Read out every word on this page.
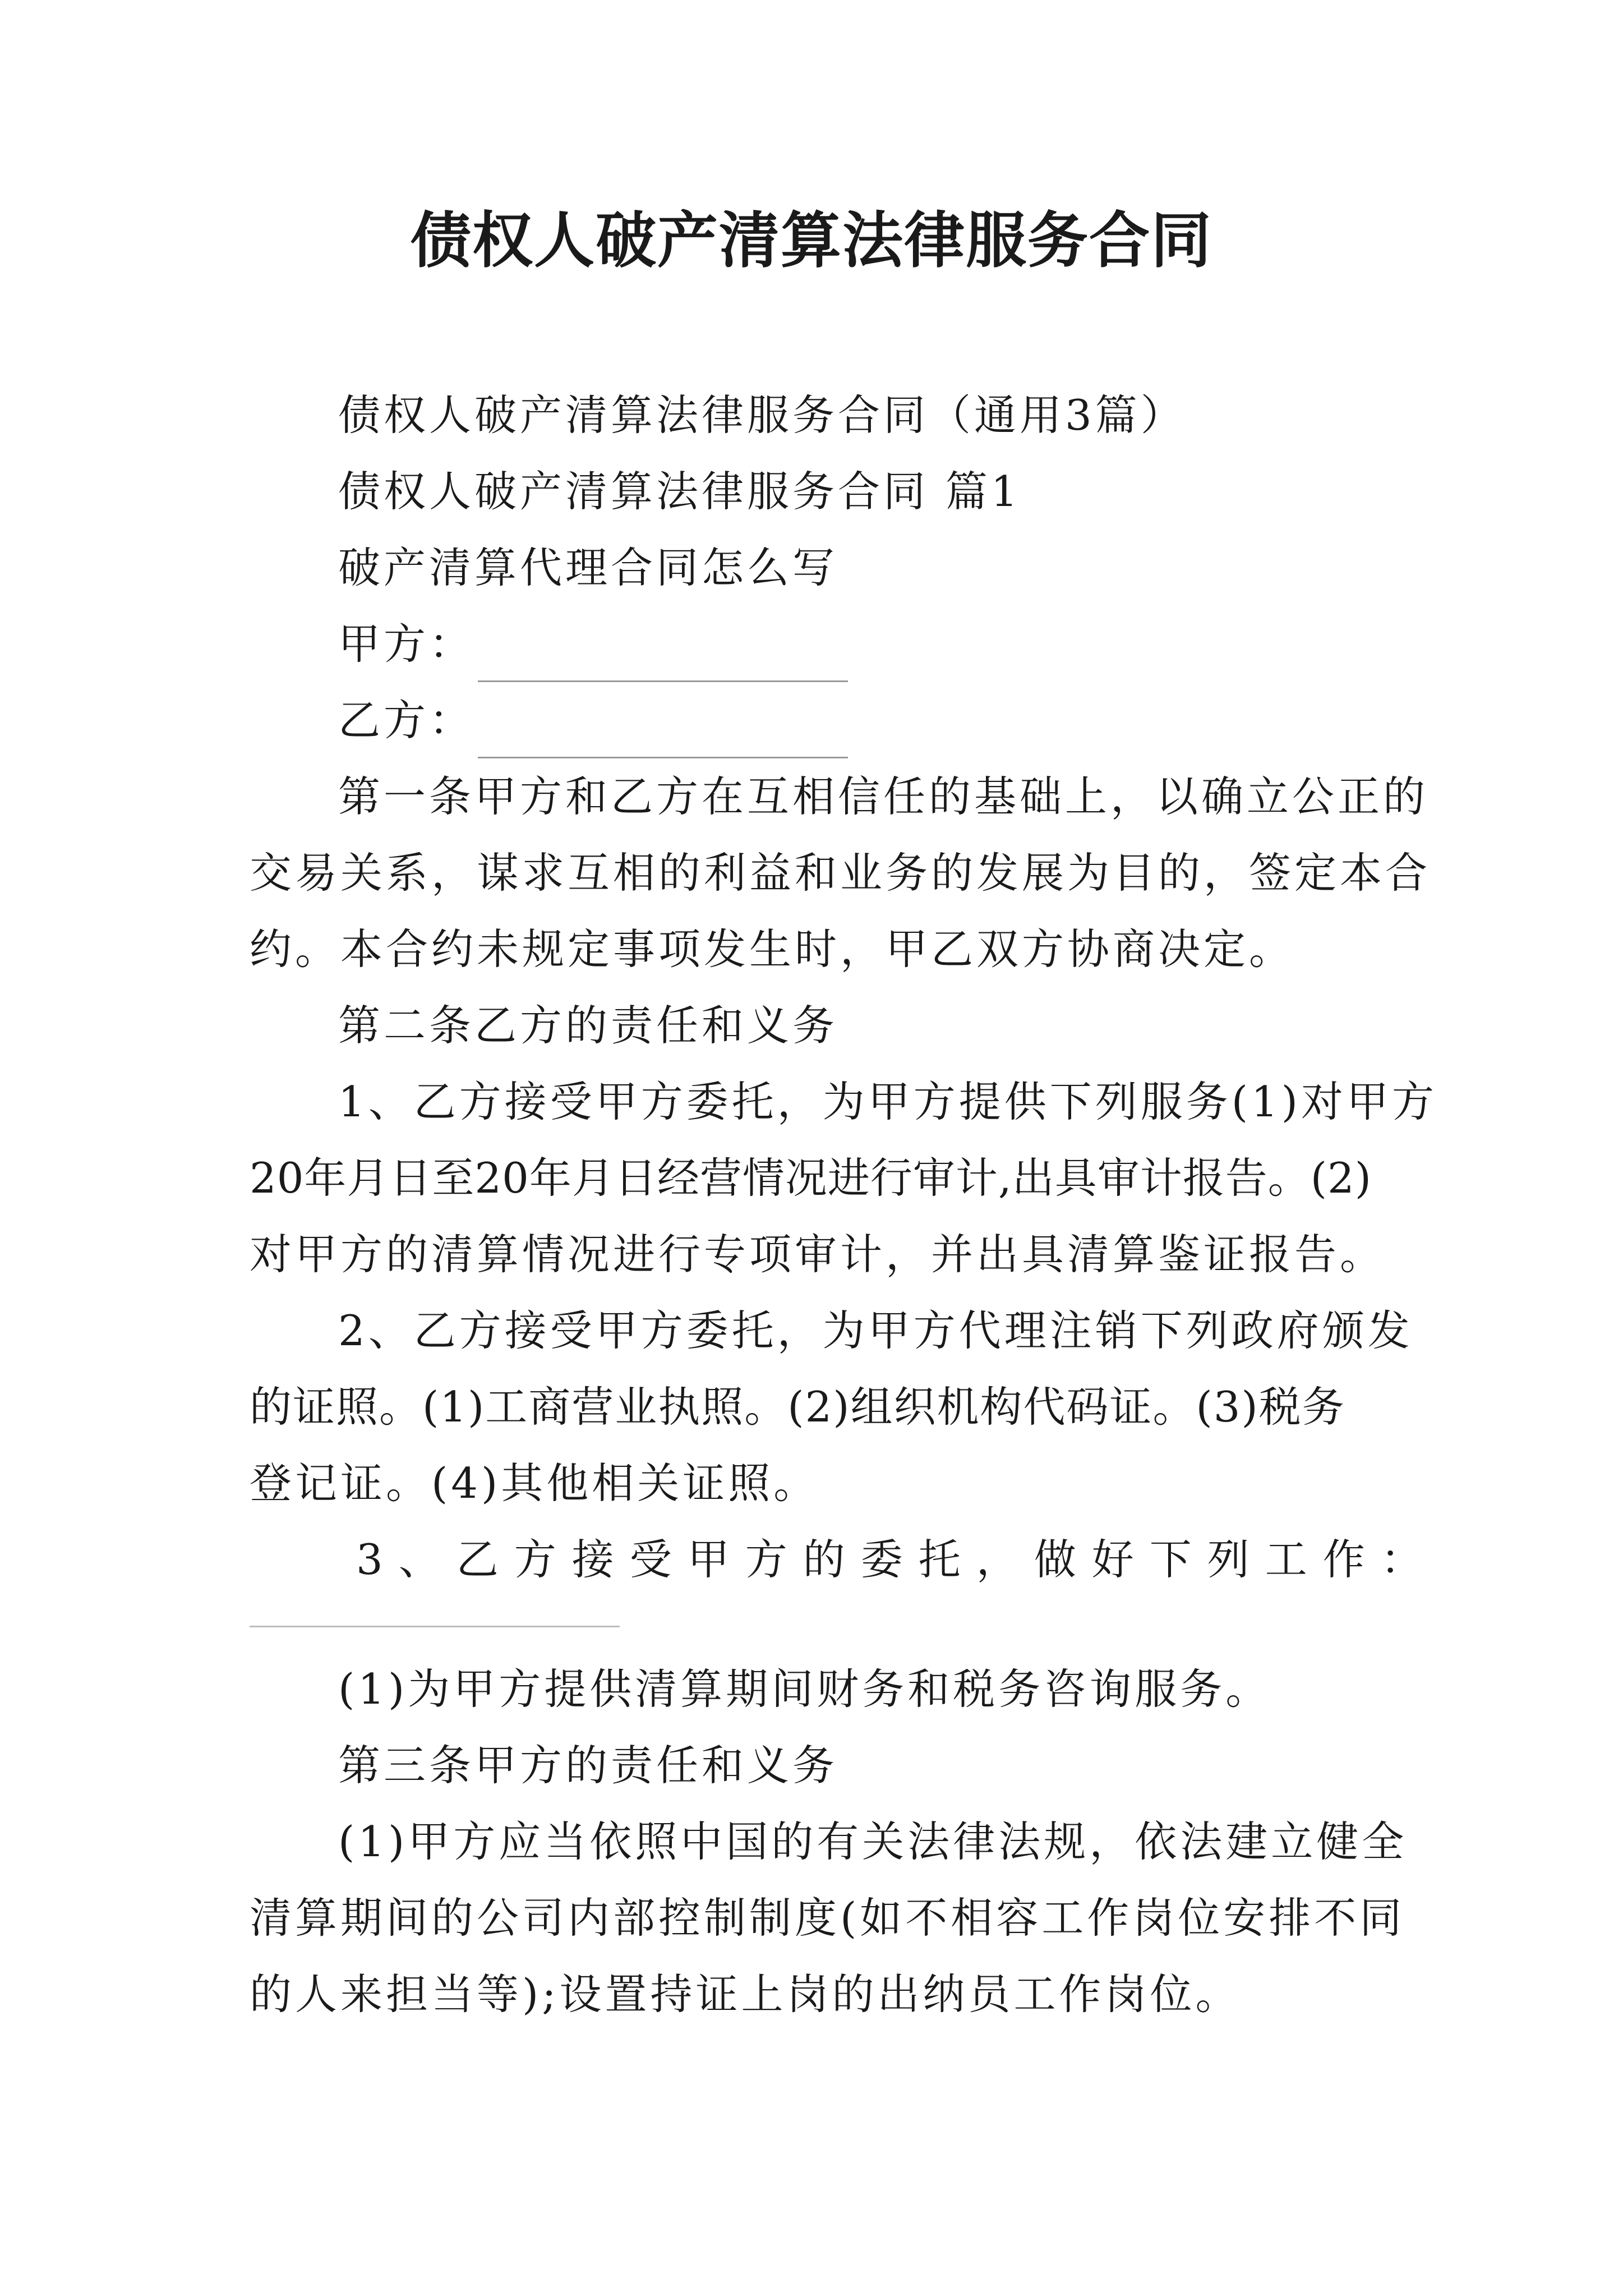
债权人破产清算法律服务合同
债权人破产清算法律服务合同（通用3篇）
债权人破产清算法律服务合同 篇1
破产清算代理合同怎么写
甲方：
乙方：
第一条甲方和乙方在互相信任的基础上，以确立公正的
交易关系，谋求互相的利益和业务的发展为目的，签定本合
约。本合约未规定事项发生时，甲乙双方协商决定。
第二条乙方的责任和义务
1、乙方接受甲方委托，为甲方提供下列服务(1)对甲方
20年月日至20年月日经营情况进行审计,出具审计报告。(2)
对甲方的清算情况进行专项审计，并出具清算鉴证报告。
2、乙方接受甲方委托，为甲方代理注销下列政府颁发
的证照。(1)工商营业执照。(2)组织机构代码证。(3)税务
登记证。(4)其他相关证照。
3、乙方接受甲方的委托，做好下列工作：
(1)为甲方提供清算期间财务和税务咨询服务。
第三条甲方的责任和义务
(1)甲方应当依照中国的有关法律法规，依法建立健全
清算期间的公司内部控制制度(如不相容工作岗位安排不同
的人来担当等);设置持证上岗的出纳员工作岗位。
